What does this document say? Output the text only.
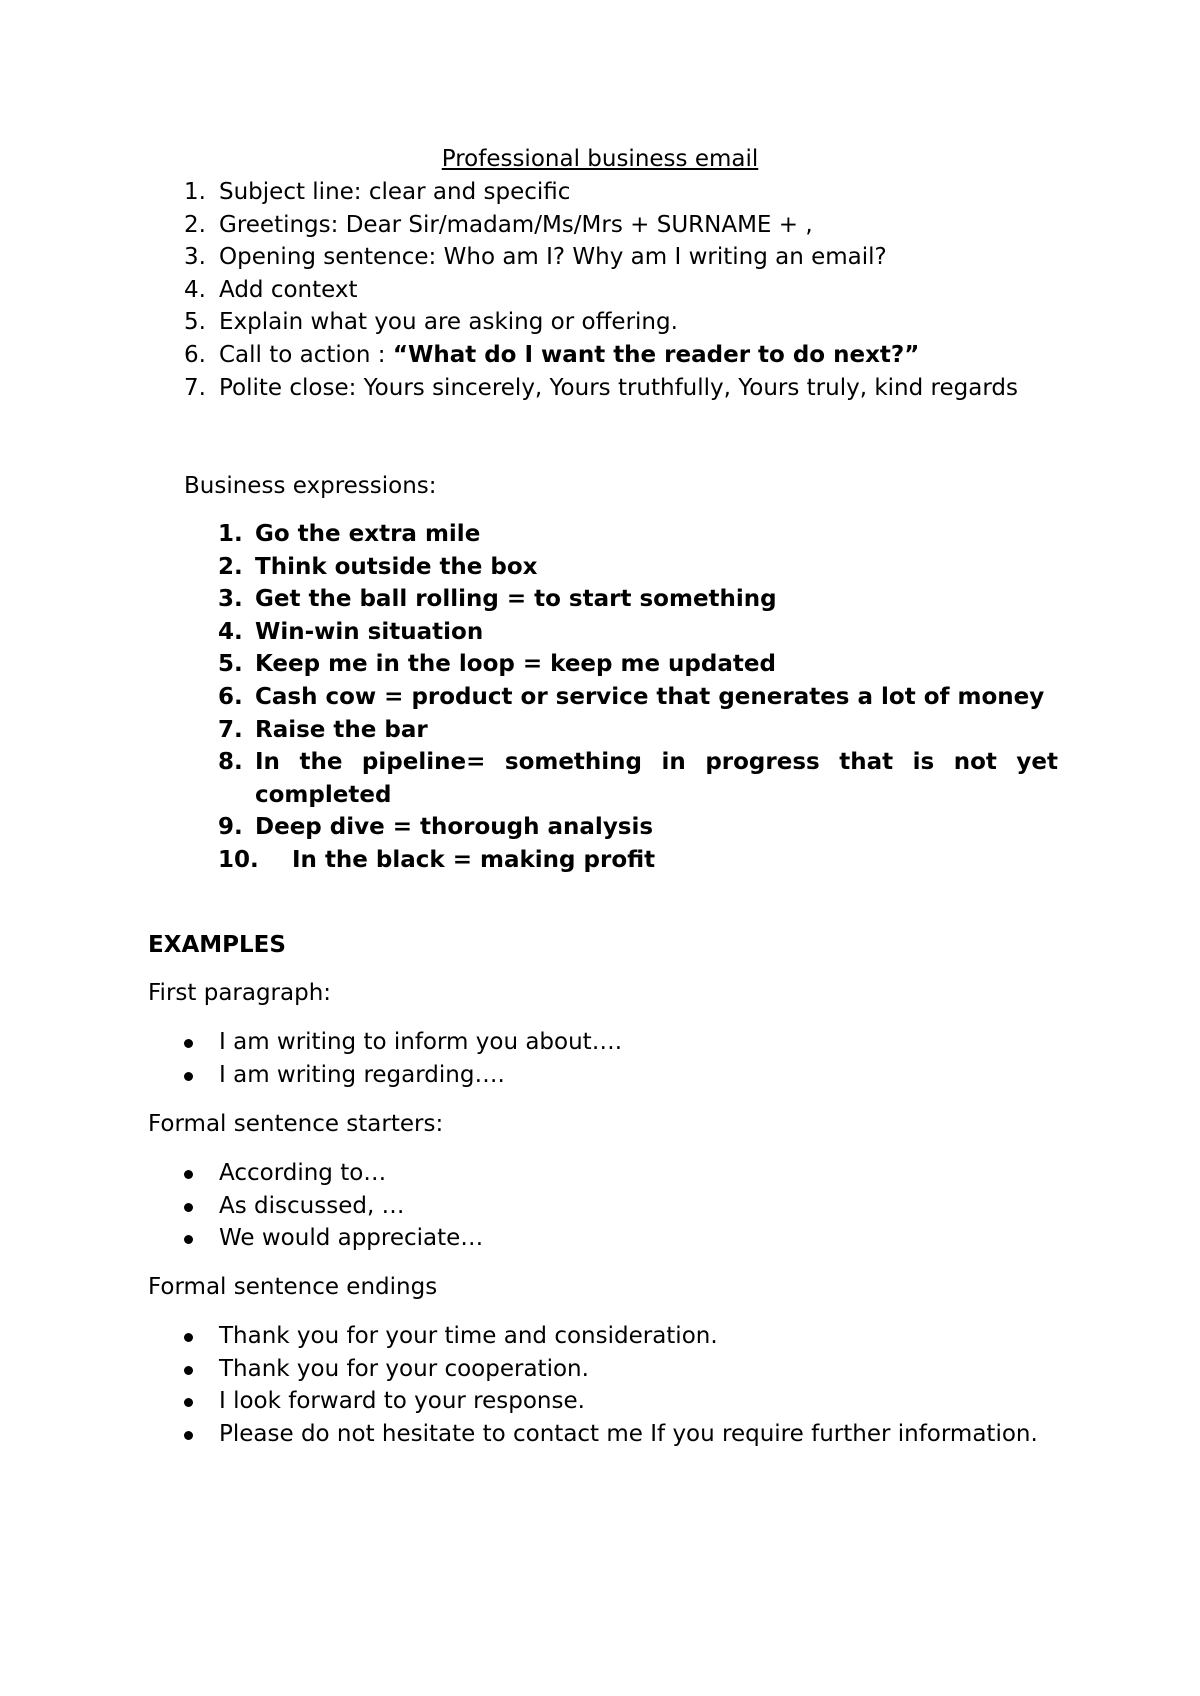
Professional business email
1. Subject line: clear and specific
2. Greetings: Dear Sir/madam/Ms/Mrs + SURNAME + ,
3. Opening sentence: Who am I? Why am I writing an email?
4. Add context
5. Explain what you are asking or offering.
6. Call to action : “What do I want the reader to do next?”
7. Polite close: Yours sincerely, Yours truthfully, Yours truly, kind regards

Business expressions:

1. Go the extra mile
2. Think outside the box
3. Get the ball rolling = to start something
4. Win-win situation
5. Keep me in the loop = keep me updated
6. Cash cow = product or service that generates a lot of money
7. Raise the bar
8. In the pipeline= something in progress that is not yet completed
9. Deep dive = thorough analysis
10. In the black = making profit

EXAMPLES

First paragraph:

I am writing to inform you about….
I am writing regarding….

Formal sentence starters:

According to…
As discussed, …
We would appreciate…

Formal sentence endings

Thank you for your time and consideration.
Thank you for your cooperation.
I look forward to your response.
Please do not hesitate to contact me If you require further information.
